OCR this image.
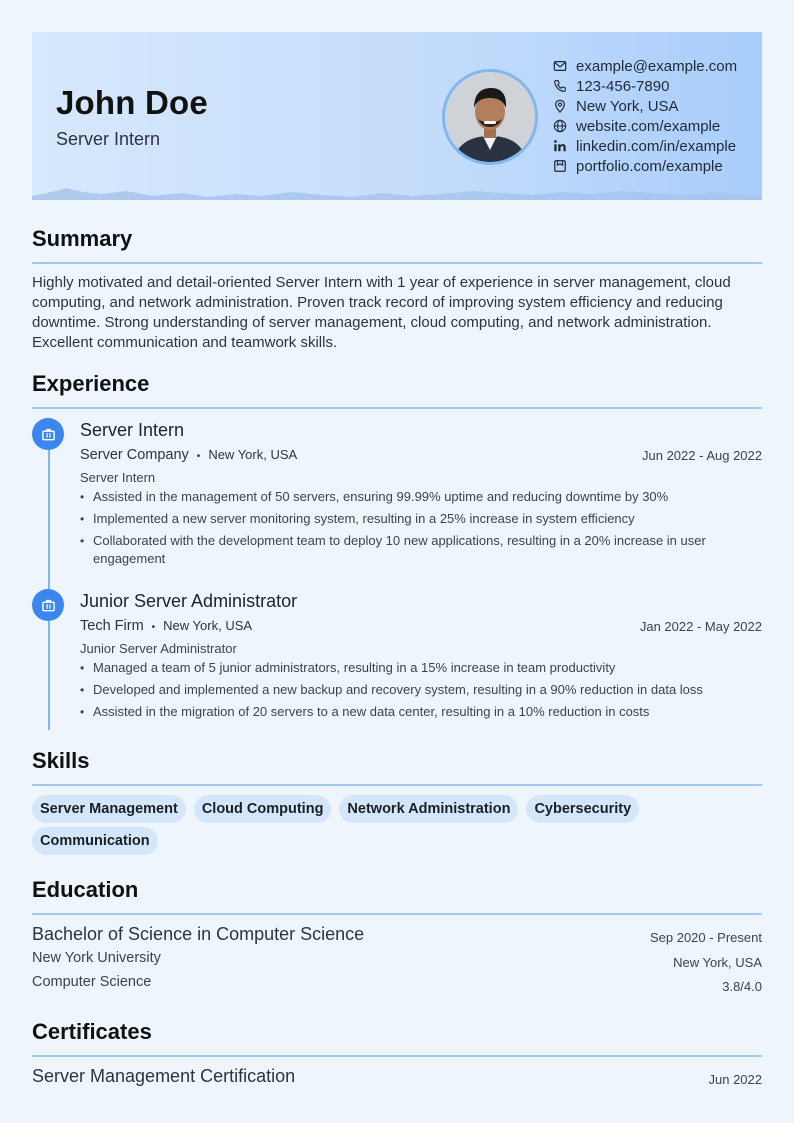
John Doe
Server Intern
example@example.com
123-456-7890
New York, USA
website.com/example
linkedin.com/in/example
portfolio.com/example
Summary
Highly motivated and detail-oriented Server Intern with 1 year of experience in server management, cloud computing, and network administration. Proven track record of improving system efficiency and reducing downtime. Strong understanding of server management, cloud computing, and network administration. Excellent communication and teamwork skills.
Experience
Server Intern
Server Company • New York, USA	Jun 2022 - Aug 2022
Server Intern
• Assisted in the management of 50 servers, ensuring 99.99% uptime and reducing downtime by 30%
• Implemented a new server monitoring system, resulting in a 25% increase in system efficiency
• Collaborated with the development team to deploy 10 new applications, resulting in a 20% increase in user engagement
Junior Server Administrator
Tech Firm • New York, USA	Jan 2022 - May 2022
Junior Server Administrator
• Managed a team of 5 junior administrators, resulting in a 15% increase in team productivity
• Developed and implemented a new backup and recovery system, resulting in a 90% reduction in data loss
• Assisted in the migration of 20 servers to a new data center, resulting in a 10% reduction in costs
Skills
Server Management	Cloud Computing	Network Administration	Cybersecurity
Communication
Education
Bachelor of Science in Computer Science	Sep 2020 - Present
New York University	New York, USA
Computer Science	3.8/4.0
Certificates
Server Management Certification	Jun 2022
